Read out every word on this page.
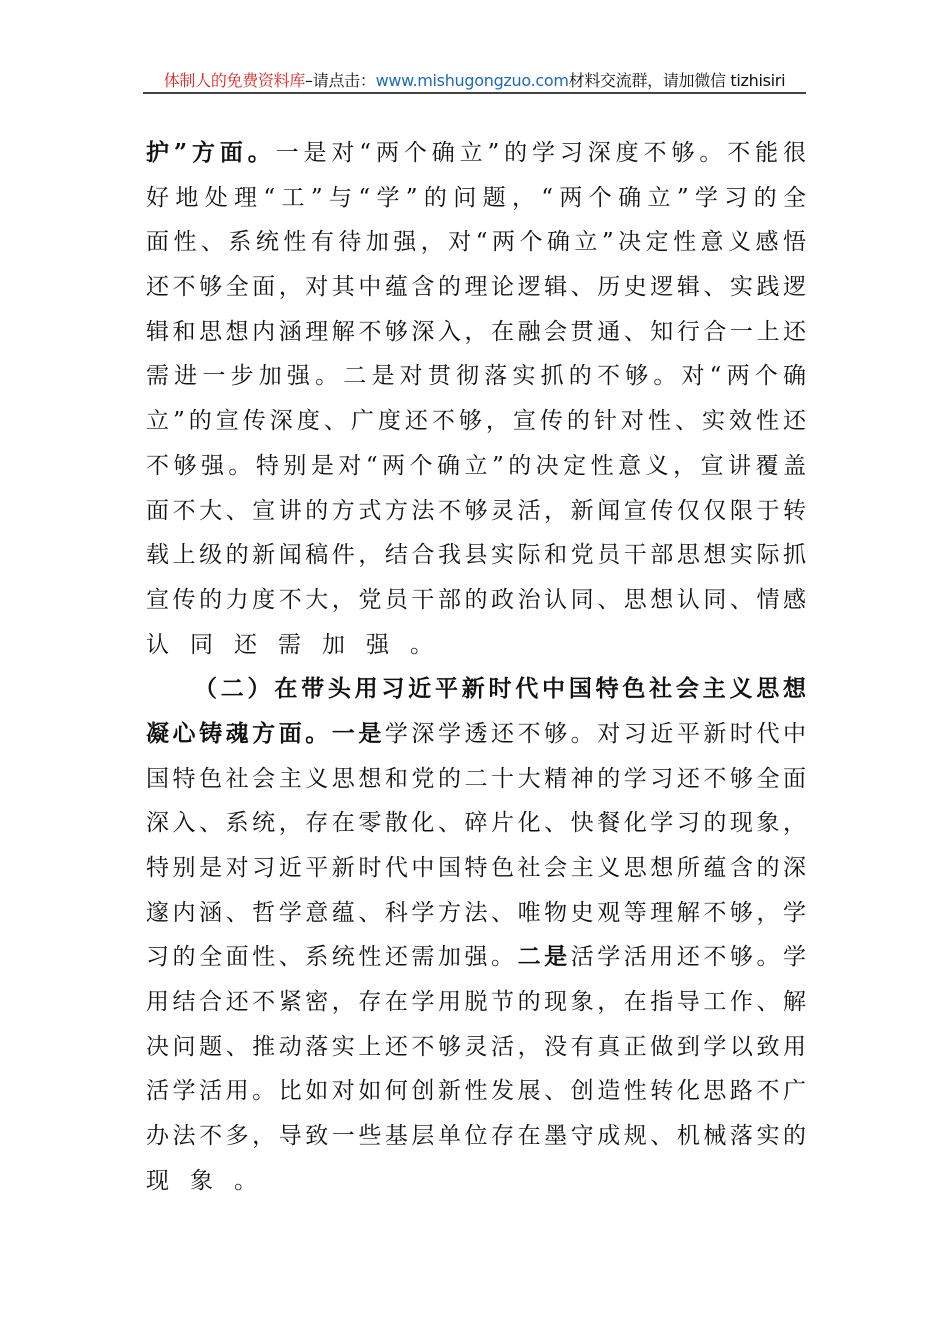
体制人的免费资料库–请点击：www.mishugongzuo.com材料交流群，请加微信 tizhisiri
护”方面。一是对“两个确立”的学习深度不够。不能很
好地处理“工”与“学”的问题，“两个确立”学习的全
面性、系统性有待加强，对“两个确立”决定性意义感悟
还不够全面，对其中蕴含的理论逻辑、历史逻辑、实践逻
辑和思想内涵理解不够深入，在融会贯通、知行合一上还
需进一步加强。二是对贯彻落实抓的不够。对“两个确
立”的宣传深度、广度还不够，宣传的针对性、实效性还
不够强。特别是对“两个确立”的决定性意义，宣讲覆盖
面不大、宣讲的方式方法不够灵活，新闻宣传仅仅限于转
载上级的新闻稿件，结合我县实际和党员干部思想实际抓
宣传的力度不大，党员干部的政治认同、思想认同、情感
认同还需加强。
（二）在带头用习近平新时代中国特色社会主义思想
凝心铸魂方面。一是学深学透还不够。对习近平新时代中
国特色社会主义思想和党的二十大精神的学习还不够全面
深入、系统，存在零散化、碎片化、快餐化学习的现象，
特别是对习近平新时代中国特色社会主义思想所蕴含的深
邃内涵、哲学意蕴、科学方法、唯物史观等理解不够，学
习的全面性、系统性还需加强。二是活学活用还不够。学
用结合还不紧密，存在学用脱节的现象，在指导工作、解
决问题、推动落实上还不够灵活，没有真正做到学以致用
活学活用。比如对如何创新性发展、创造性转化思路不广
办法不多，导致一些基层单位存在墨守成规、机械落实的
现象。
